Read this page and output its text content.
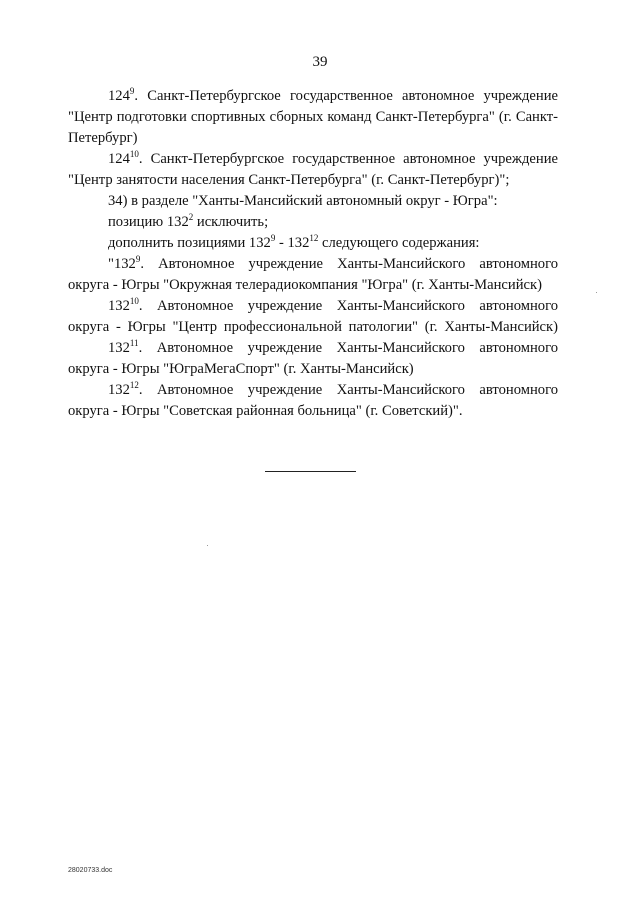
39

$124^9$. Санкт-Петербургское государственное автономное учреждение "Центр подготовки спортивных сборных команд Санкт-Петербурга" (г. Санкт-Петербург)

$124^{10}$. Санкт-Петербургское государственное автономное учреждение "Центр занятости населения Санкт-Петербурга" (г. Санкт-Петербург)";

34) в разделе "Ханты-Мансийский автономный округ - Югра":

позицию $132^2$ исключить;

дополнить позициями $132^9 - 132^{12}$ следующего содержания:

"$132^9$. Автономное учреждение Ханты-Мансийского автономного округа - Югры "Окружная телерадиокомпания "Югра" (г. Ханты-Мансийск)

$132^{10}$. Автономное учреждение Ханты-Мансийского автономного округа - Югры "Центр профессиональной патологии" (г. Ханты-Мансийск)

$132^{11}$. Автономное учреждение Ханты-Мансийского автономного округа - Югры "ЮграМегаСпорт" (г. Ханты-Мансийск)

$132^{12}$. Автономное учреждение Ханты-Мансийского автономного округа - Югры "Советская районная больница" (г. Советский)".

28020733.doc
